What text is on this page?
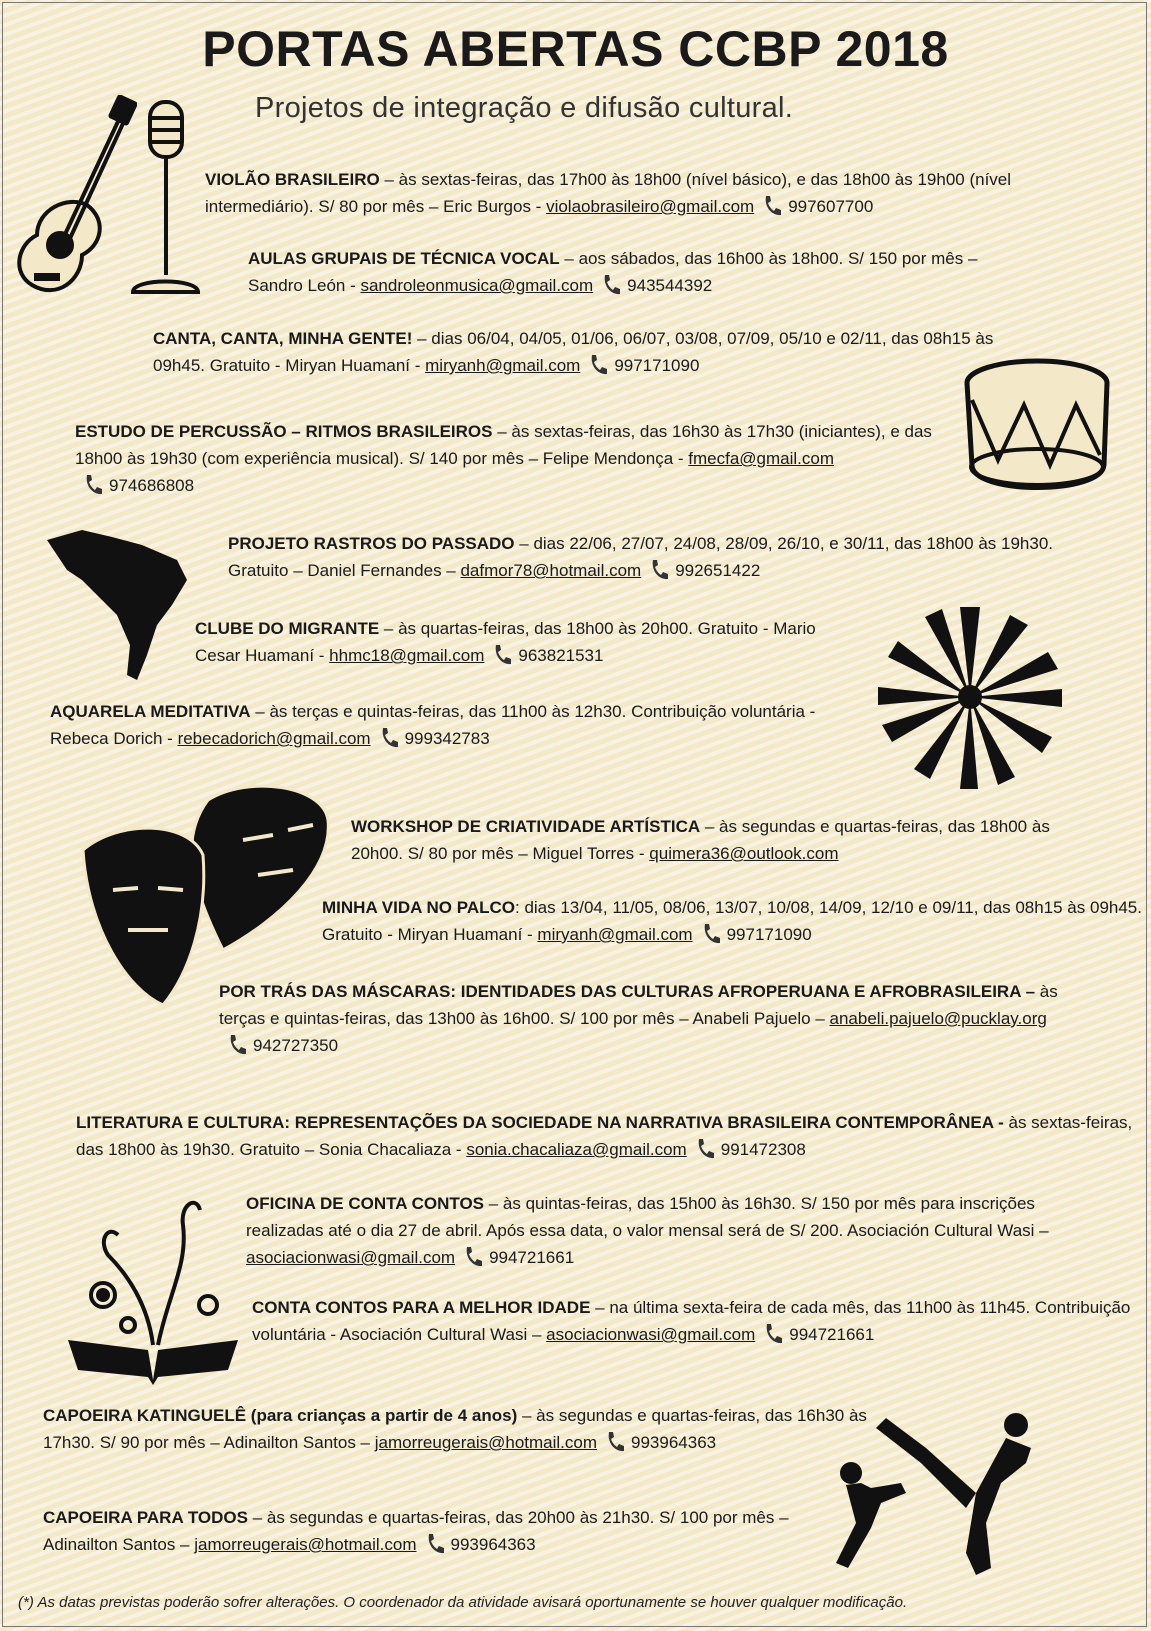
PORTAS ABERTAS CCBP 2018
Projetos de integração e difusão cultural.
VIOLÃO BRASILEIRO – às sextas-feiras, das 17h00 às 18h00 (nível básico), e das 18h00 às 19h00 (nível intermediário). S/ 80 por mês – Eric Burgos - violaobrasileiro@gmail.com 997607700
AULAS GRUPAIS DE TÉCNICA VOCAL – aos sábados, das 16h00 às 18h00. S/ 150 por mês – Sandro León - sandroleonmusica@gmail.com 943544392
CANTA, CANTA, MINHA GENTE! – dias 06/04, 04/05, 01/06, 06/07, 03/08, 07/09, 05/10 e 02/11, das 08h15 às 09h45. Gratuito - Miryan Huamaní - miryanh@gmail.com 997171090
ESTUDO DE PERCUSSÃO – RITMOS BRASILEIROS – às sextas-feiras, das 16h30 às 17h30 (iniciantes), e das 18h00 às 19h30 (com experiência musical). S/ 140 por mês – Felipe Mendonça - fmecfa@gmail.com974686808
PROJETO RASTROS DO PASSADO – dias 22/06, 27/07, 24/08, 28/09, 26/10, e 30/11, das 18h00 às 19h30. Gratuito – Daniel Fernandes – dafmor78@hotmail.com 992651422
CLUBE DO MIGRANTE – às quartas-feiras, das 18h00 às 20h00. Gratuito - Mario Cesar Huamaní - hhmc18@gmail.com 963821531
AQUARELA MEDITATIVA – às terças e quintas-feiras, das 11h00 às 12h30. Contribuição voluntária - Rebeca Dorich - rebecadorich@gmail.com 999342783
WORKSHOP DE CRIATIVIDADE ARTÍSTICA – às segundas e quartas-feiras, das 18h00 às 20h00. S/ 80 por mês – Miguel Torres - quimera36@outlook.com
MINHA VIDA NO PALCO: dias 13/04, 11/05, 08/06, 13/07, 10/08, 14/09, 12/10 e 09/11, das 08h15 às 09h45. Gratuito - Miryan Huamaní - miryanh@gmail.com 997171090
POR TRÁS DAS MÁSCARAS: IDENTIDADES DAS CULTURAS AFROPERUANA E AFROBRASILEIRA – às terças e quintas-feiras, das 13h00 às 16h00. S/ 100 por mês – Anabeli Pajuelo – anabeli.pajuelo@pucklay.org942727350
LITERATURA E CULTURA: REPRESENTAÇÕES DA SOCIEDADE NA NARRATIVA BRASILEIRA CONTEMPORÂNEA - às sextas-feiras, das 18h00 às 19h30. Gratuito – Sonia Chacaliaza - sonia.chacaliaza@gmail.com 991472308
OFICINA DE CONTA CONTOS – às quintas-feiras, das 15h00 às 16h30. S/ 150 por mês para inscrições realizadas até o dia 27 de abril. Após essa data, o valor mensal será de S/ 200. Asociación Cultural Wasi – asociacionwasi@gmail.com 994721661
CONTA CONTOS PARA A MELHOR IDADE – na última sexta-feira de cada mês, das 11h00 às 11h45. Contribuição voluntária - Asociación Cultural Wasi – asociacionwasi@gmail.com 994721661
CAPOEIRA KATINGUELÊ (para crianças a partir de 4 anos) – às segundas e quartas-feiras, das 16h30 às 17h30. S/ 90 por mês – Adinailton Santos – jamorreugerais@hotmail.com 993964363
CAPOEIRA PARA TODOS – às segundas e quartas-feiras, das 20h00 às 21h30. S/ 100 por mês – Adinailton Santos – jamorreugerais@hotmail.com 993964363
(*) As datas previstas poderão sofrer alterações. O coordenador da atividade avisará oportunamente se houver qualquer modificação.
